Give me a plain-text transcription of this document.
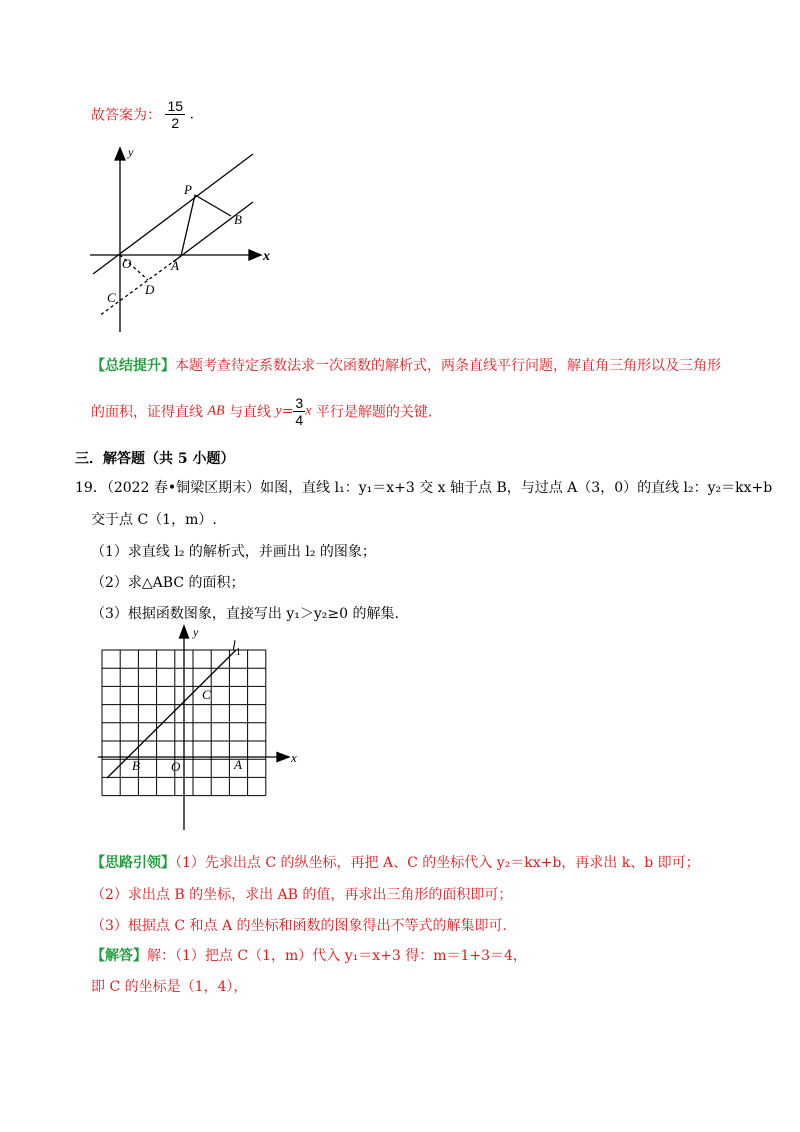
故答案为： $\frac{15}{2}$ .
y
x
P
B
O	A
D
C
【总结提升】本题考查待定系数法求一次函数的解析式，两条直线平行问题，解直角三角形以及三角形
的面积，证得直线 AB 与直线 $y= \frac{3}{4}$ x 平行是解题的关键.
三．解答题（共 5 小题）
19．（2022 春•铜梁区期末）如图，直线 l₁：y₁＝x+3 交 x 轴于点 B，与过点 A（3，0）的直线 l₂：y₂＝kx+b
交于点 C（1，m）.
（1）求直线 l₂ 的解析式，并画出 l₂ 的图象；
（2）求△ABC 的面积；
（3）根据函数图象，直接写出 y₁＞y₂≥0 的解集.
y
x
$l_1$
C
B O	A
【思路引领】（1）先求出点 C 的纵坐标，再把 A、C 的坐标代入 y₂＝kx+b，再求出 k、b 即可；
（2）求出点 B 的坐标，求出 AB 的值，再求出三角形的面积即可；
（3）根据点 C 和点 A 的坐标和函数的图象得出不等式的解集即可.
【解答】解：（1）把点 C（1，m）代入 y₁＝x+3 得：m＝1+3＝4，
即 C 的坐标是（1，4），
